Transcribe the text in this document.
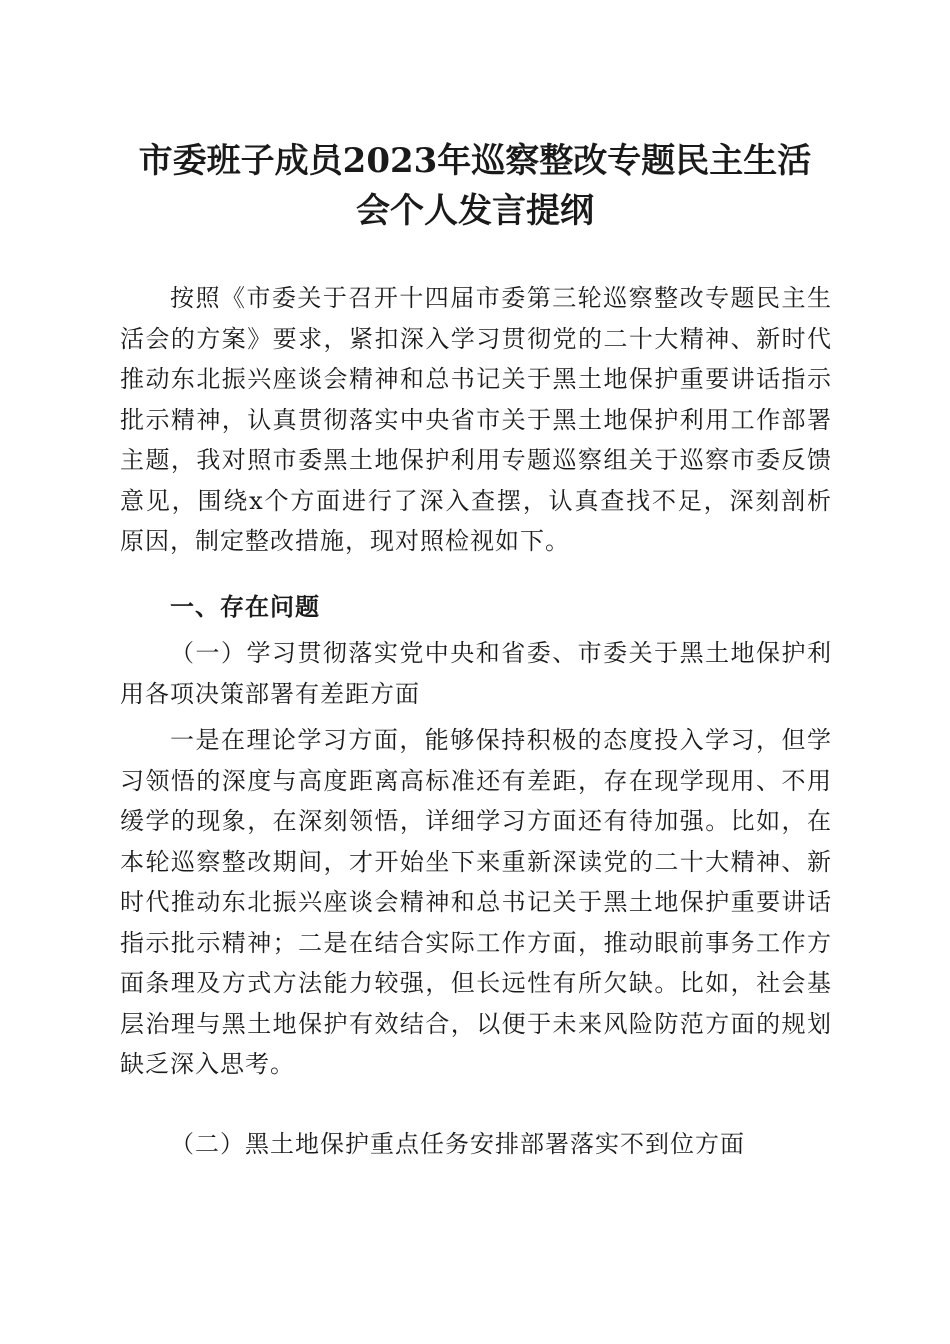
市委班子成员2023年巡察整改专题民主生活
会个人发言提纲

按照《市委关于召开十四届市委第三轮巡察整改专题民主生活会的方案》要求，紧扣深入学习贯彻党的二十大精神、新时代推动东北振兴座谈会精神和总书记关于黑土地保护重要讲话指示批示精神，认真贯彻落实中央省市关于黑土地保护利用工作部署主题，我对照市委黑土地保护利用专题巡察组关于巡察市委反馈意见，围绕x个方面进行了深入查摆，认真查找不足，深刻剖析原因，制定整改措施，现对照检视如下。

一、存在问题

（一）学习贯彻落实党中央和省委、市委关于黑土地保护利用各项决策部署有差距方面

一是在理论学习方面，能够保持积极的态度投入学习，但学习领悟的深度与高度距离高标准还有差距，存在现学现用、不用缓学的现象，在深刻领悟，详细学习方面还有待加强。比如，在本轮巡察整改期间，才开始坐下来重新深读党的二十大精神、新时代推动东北振兴座谈会精神和总书记关于黑土地保护重要讲话指示批示精神；二是在结合实际工作方面，推动眼前事务工作方面条理及方式方法能力较强，但长远性有所欠缺。比如，社会基层治理与黑土地保护有效结合，以便于未来风险防范方面的规划缺乏深入思考。

（二）黑土地保护重点任务安排部署落实不到位方面
